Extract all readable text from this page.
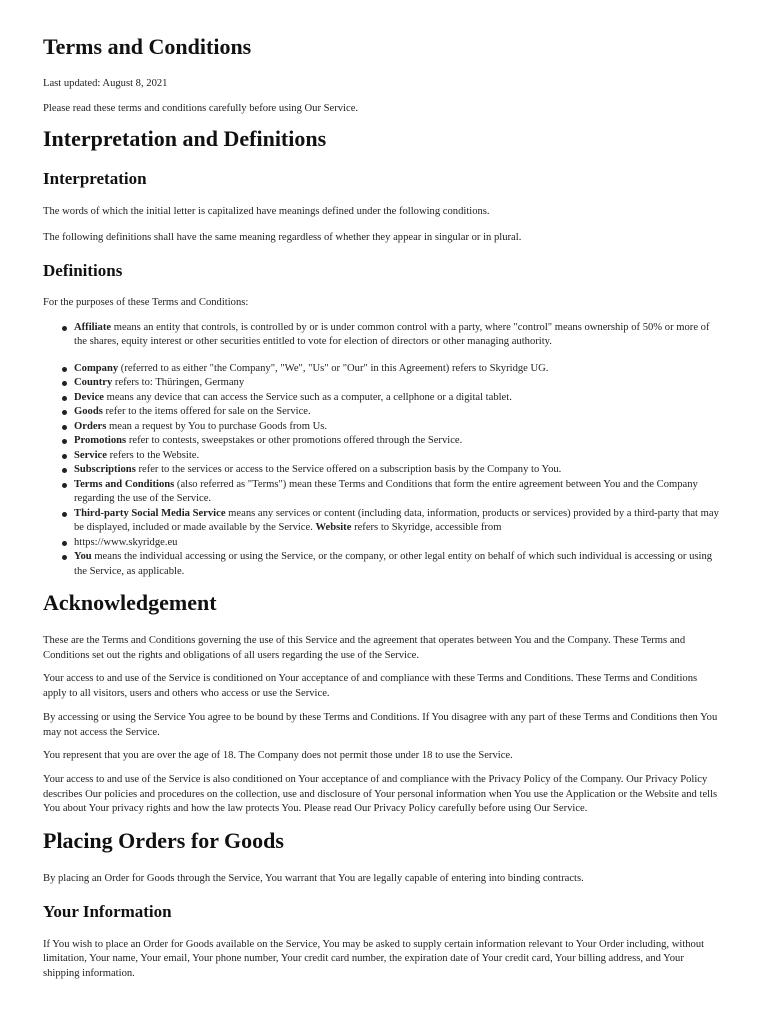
Terms and Conditions

Last updated: August 8, 2021

Please read these terms and conditions carefully before using Our Service.

Interpretation and Definitions
Interpretation

The words of which the initial letter is capitalized have meanings defined under the following conditions.

The following definitions shall have the same meaning regardless of whether they appear in singular or in plural.

Definitions

For the purposes of these Terms and Conditions:

Affiliate means an entity that controls, is controlled by or is under common control with a party, where "control" means ownership of 50% or more of the shares, equity interest or other securities entitled to vote for election of directors or other managing authority.
Company (referred to as either "the Company", "We", "Us" or "Our" in this Agreement) refers to Skyridge UG.
Country refers to: Thüringen, Germany
Device means any device that can access the Service such as a computer, a cellphone or a digital tablet.
Goods refer to the items offered for sale on the Service.
Orders mean a request by You to purchase Goods from Us.
Promotions refer to contests, sweepstakes or other promotions offered through the Service.
Service refers to the Website.
Subscriptions refer to the services or access to the Service offered on a subscription basis by the Company to You.
Terms and Conditions (also referred as "Terms") mean these Terms and Conditions that form the entire agreement between You and the Company regarding the use of the Service.
Third-party Social Media Service means any services or content (including data, information, products or services) provided by a third-party that may be displayed, included or made available by the Service. Website refers to Skyridge, accessible from
https://www.skyridge.eu
You means the individual accessing or using the Service, or the company, or other legal entity on behalf of which such individual is accessing or using the Service, as applicable.
Acknowledgement

These are the Terms and Conditions governing the use of this Service and the agreement that operates between You and the Company. These Terms and Conditions set out the rights and obligations of all users regarding the use of the Service.

Your access to and use of the Service is conditioned on Your acceptance of and compliance with these Terms and Conditions. These Terms and Conditions apply to all visitors, users and others who access or use the Service.

By accessing or using the Service You agree to be bound by these Terms and Conditions. If You disagree with any part of these Terms and Conditions then You may not access the Service.

You represent that you are over the age of 18. The Company does not permit those under 18 to use the Service.

Your access to and use of the Service is also conditioned on Your acceptance of and compliance with the Privacy Policy of the Company. Our Privacy Policy describes Our policies and procedures on the collection, use and disclosure of Your personal information when You use the Application or the Website and tells You about Your privacy rights and how the law protects You. Please read Our Privacy Policy carefully before using Our Service.

Placing Orders for Goods

By placing an Order for Goods through the Service, You warrant that You are legally capable of entering into binding contracts.

Your Information

If You wish to place an Order for Goods available on the Service, You may be asked to supply certain information relevant to Your Order including, without limitation, Your name, Your email, Your phone number, Your credit card number, the expiration date of Your credit card, Your billing address, and Your shipping information.
